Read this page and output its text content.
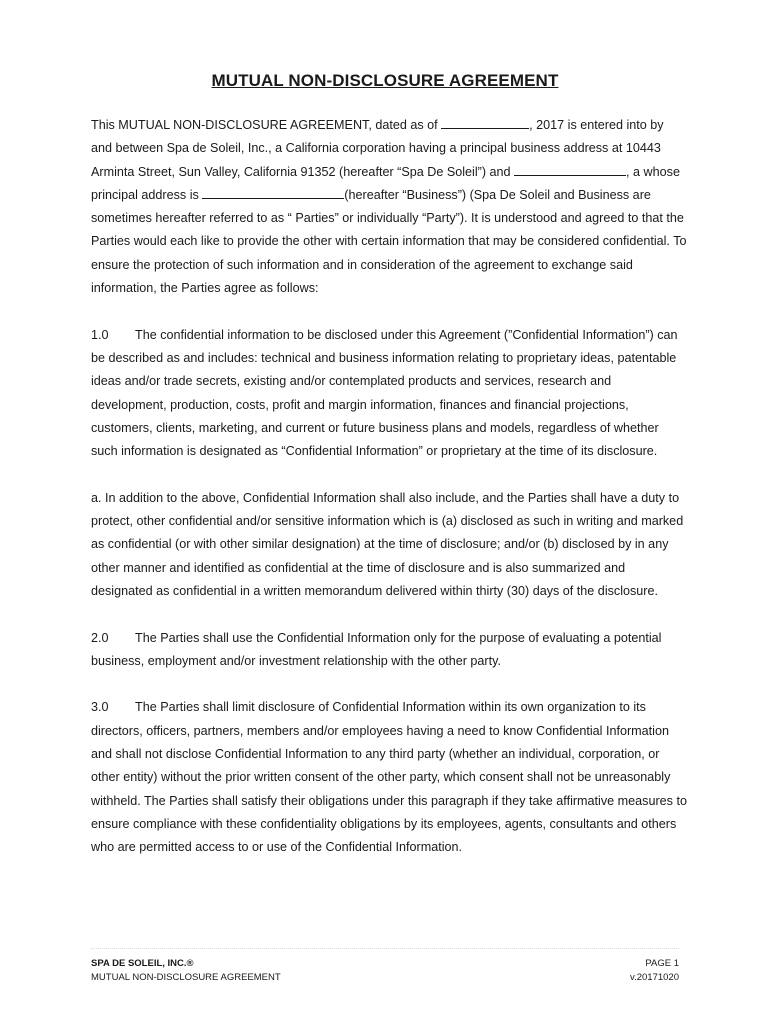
MUTUAL NON-DISCLOSURE AGREEMENT

This MUTUAL NON-DISCLOSURE AGREEMENT, dated as of	, 2017 is entered into by and between Spa de Soleil, Inc., a California corporation having a principal business address at 10443 Arminta Street, Sun Valley, California 91352 (hereafter “Spa De Soleil”) and	, a whose principal address is	(hereafter “Business”) (Spa De Soleil and Business are sometimes hereafter referred to as “ Parties” or individually “Party”). It is understood and agreed to that the Parties would each like to provide the other with certain information that may be considered confidential. To ensure the protection of such information and in consideration of the agreement to exchange said information, the Parties agree as follows:

1.0 The confidential information to be disclosed under this Agreement (”Confidential Information”) can be described as and includes: technical and business information relating to proprietary ideas, patentable ideas and/or trade secrets, existing and/or contemplated products and services, research and development, production, costs, profit and margin information, finances and financial projections, customers, clients, marketing, and current or future business plans and models, regardless of whether such information is designated as “Confidential Information” or proprietary at the time of its disclosure.

a. In addition to the above, Confidential Information shall also include, and the Parties shall have a duty to protect, other confidential and/or sensitive information which is (a) disclosed as such in writing and marked as confidential (or with other similar designation) at the time of disclosure; and/or (b) disclosed by in any other manner and identified as confidential at the time of disclosure and is also summarized and designated as confidential in a written memorandum delivered within thirty (30) days of the disclosure.

2.0 The Parties shall use the Confidential Information only for the purpose of evaluating a potential business, employment and/or investment relationship with the other party.

3.0 The Parties shall limit disclosure of Confidential Information within its own organization to its directors, officers, partners, members and/or employees having a need to know Confidential Information and shall not disclose Confidential Information to any third party (whether an individual, corporation, or other entity) without the prior written consent of the other party, which consent shall not be unreasonably withheld. The Parties shall satisfy their obligations under this paragraph if they take affirmative measures to ensure compliance with these confidentiality obligations by its employees, agents, consultants and others who are permitted access to or use of the Confidential Information.

SPA DE SOLEIL, INC.®
MUTUAL NON-DISCLOSURE AGREEMENT
PAGE 1
v.20171020
